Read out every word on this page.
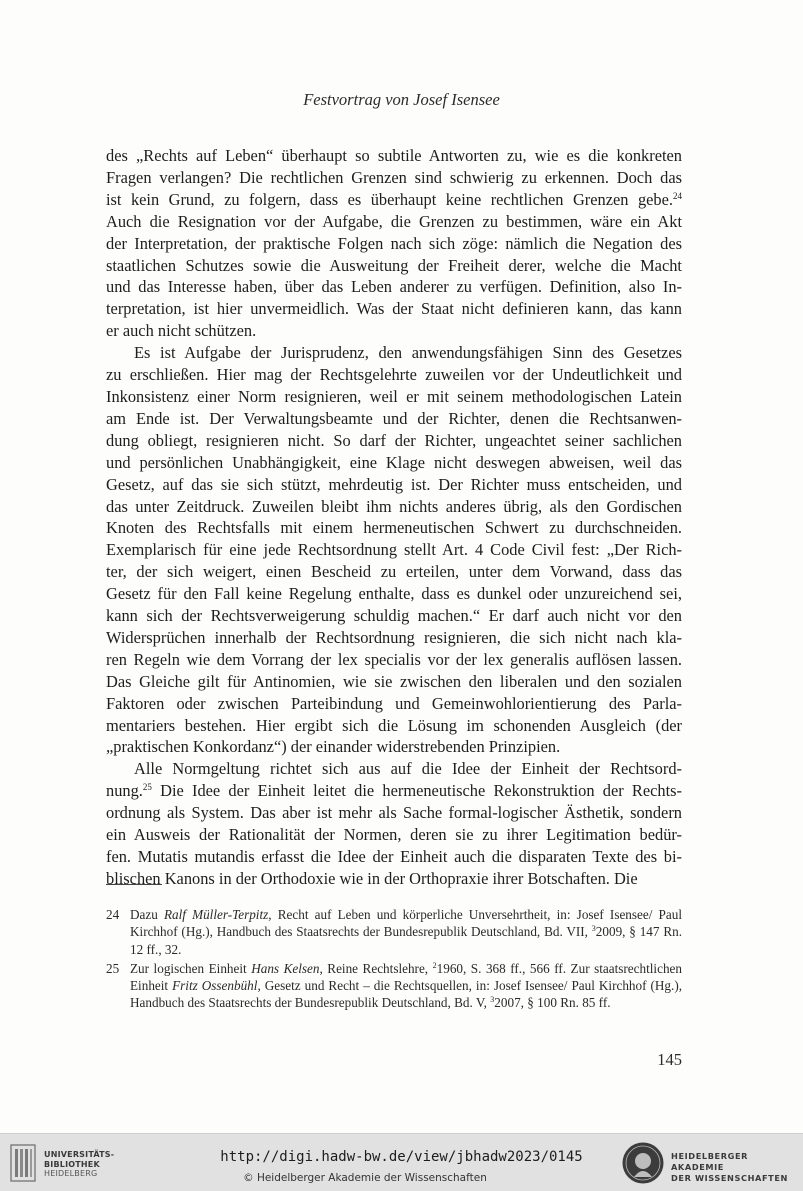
Festvortrag von Josef Isensee
des „Rechts auf Leben“ überhaupt so subtile Antworten zu, wie es die konkreten
Fragen verlangen? Die rechtlichen Grenzen sind schwierig zu erkennen. Doch das
ist kein Grund, zu folgern, dass es überhaupt keine rechtlichen Grenzen gebe.$^{24}$
Auch die Resignation vor der Aufgabe, die Grenzen zu bestimmen, wäre ein Akt
der Interpretation, der praktische Folgen nach sich zöge: nämlich die Negation des
staatlichen Schutzes sowie die Ausweitung der Freiheit derer, welche die Macht
und das Interesse haben, über das Leben anderer zu verfügen. Definition, also In-
terpretation, ist hier unvermeidlich. Was der Staat nicht definieren kann, das kann
er auch nicht schützen.
Es ist Aufgabe der Jurisprudenz, den anwendungsfähigen Sinn des Gesetzes
zu erschließen. Hier mag der Rechtsgelehrte zuweilen vor der Undeutlichkeit und
Inkonsistenz einer Norm resignieren, weil er mit seinem methodologischen Latein
am Ende ist. Der Verwaltungsbeamte und der Richter, denen die Rechtsanwen-
dung obliegt, resignieren nicht. So darf der Richter, ungeachtet seiner sachlichen
und persönlichen Unabhängigkeit, eine Klage nicht deswegen abweisen, weil das
Gesetz, auf das sie sich stützt, mehrdeutig ist. Der Richter muss entscheiden, und
das unter Zeitdruck. Zuweilen bleibt ihm nichts anderes übrig, als den Gordischen
Knoten des Rechtsfalls mit einem hermeneutischen Schwert zu durchschneiden.
Exemplarisch für eine jede Rechtsordnung stellt Art. 4 Code Civil fest: „Der Rich-
ter, der sich weigert, einen Bescheid zu erteilen, unter dem Vorwand, dass das
Gesetz für den Fall keine Regelung enthalte, dass es dunkel oder unzureichend sei,
kann sich der Rechtsverweigerung schuldig machen.“ Er darf auch nicht vor den
Widersprüchen innerhalb der Rechtsordnung resignieren, die sich nicht nach kla-
ren Regeln wie dem Vorrang der lex specialis vor der lex generalis auflösen lassen.
Das Gleiche gilt für Antinomien, wie sie zwischen den liberalen und den sozialen
Faktoren oder zwischen Parteibindung und Gemeinwohlorientierung des Parla-
mentariers bestehen. Hier ergibt sich die Lösung im schonenden Ausgleich (der
„praktischen Konkordanz“) der einander widerstrebenden Prinzipien.
Alle Normgeltung richtet sich aus auf die Idee der Einheit der Rechtsord-
nung.$^{25}$ Die Idee der Einheit leitet die hermeneutische Rekonstruktion der Rechts-
ordnung als System. Das aber ist mehr als Sache formal-logischer Ästhetik, sondern
ein Ausweis der Rationalität der Normen, deren sie zu ihrer Legitimation bedür-
fen. Mutatis mutandis erfasst die Idee der Einheit auch die disparaten Texte des bi-
blischen Kanons in der Orthodoxie wie in der Orthopraxie ihrer Botschaften. Die
24 Dazu Ralf Müller-Terpitz, Recht auf Leben und körperliche Unversehrtheit, in: Josef Isensee/ Paul Kirchhof (Hg.), Handbuch des Staatsrechts der Bundesrepublik Deutschland, Bd. VII, $^3$2009, § 147 Rn. 12 ff., 32.
25 Zur logischen Einheit Hans Kelsen, Reine Rechtslehre, $^2$1960, S. 368 ff., 566 ff. Zur staatsrechtlichen Einheit Fritz Ossenbühl, Gesetz und Recht – die Rechtsquellen, in: Josef Isensee/ Paul Kirchhof (Hg.), Handbuch des Staatsrechts der Bundesrepublik Deutschland, Bd. V, $^3$2007, § 100 Rn. 85 ff.
145
UNIVERSITÄTS-
BIBLIOTHEK
HEIDELBERG
http://digi.hadw-bw.de/view/jbhadw2023/0145
© Heidelberger Akademie der Wissenschaften
HEIDELBERGER AKADEMIE
DER WISSENSCHAFTEN
